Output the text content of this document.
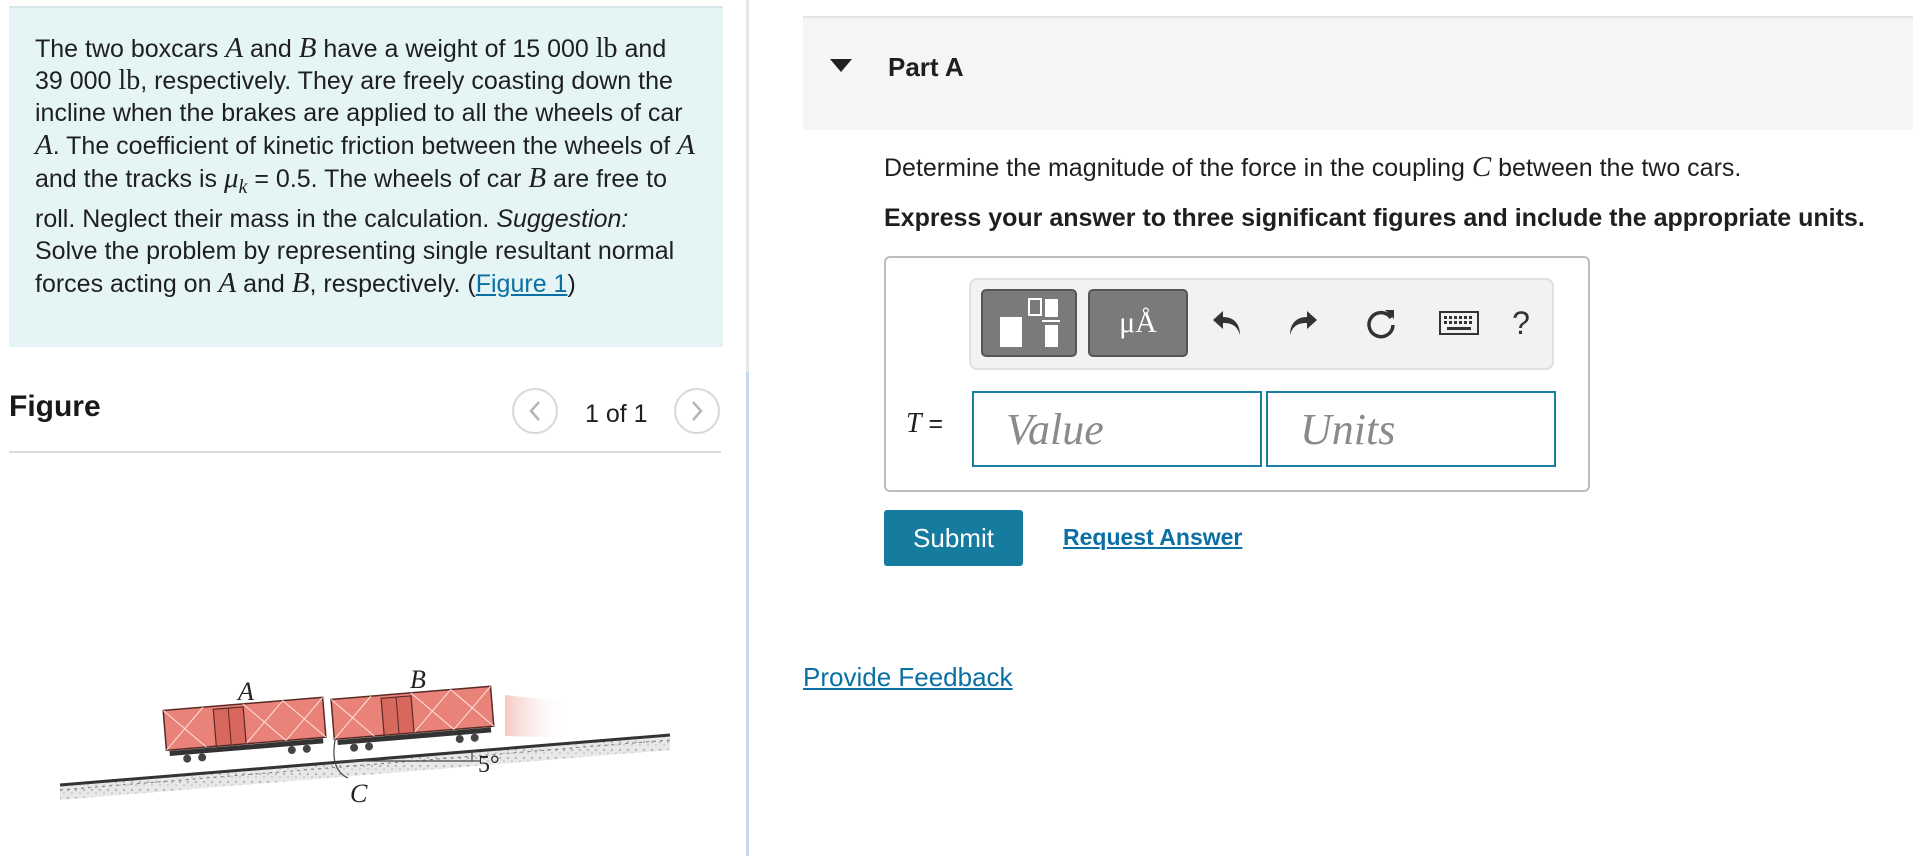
The two boxcars A and B have a weight of 15 000 lb and 39 000 lb, respectively. They are freely coasting down the incline when the brakes are applied to all the wheels of car A. The coefficient of kinetic friction between the wheels of A and the tracks is $\mu_k = 0.5$. The wheels of car B are free to roll. Neglect their mass in the calculation. Suggestion: Solve the problem by representing single resultant normal forces acting on A and B, respectively. (Figure 1)

Figure	1 of 1
A	B
C
5°
Part A
Determine the magnitude of the force in the coupling C between the two cars.
Express your answer to three significant figures and include the appropriate units.
μÅ	?
T =
Value
Units
Submit	Request Answer
Provide Feedback
